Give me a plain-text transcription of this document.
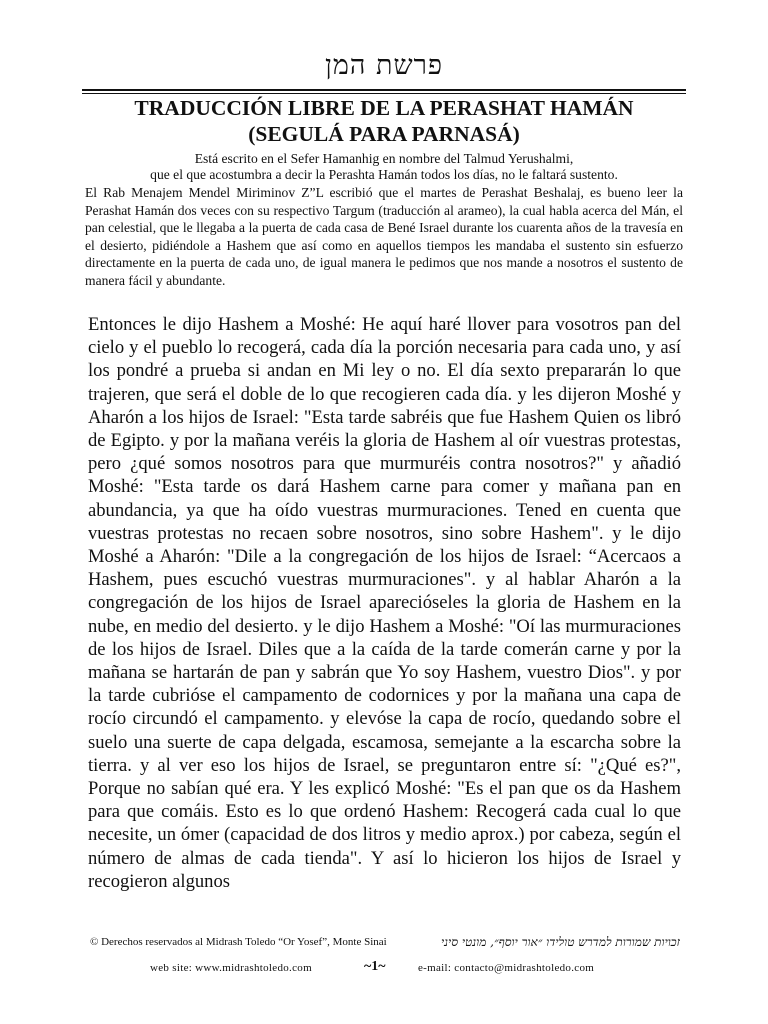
פרשת המן
TRADUCCIÓN LIBRE DE LA PERASHAT HAMÁN
(SEGULÁ PARA PARNASÁ)
Está escrito en el Sefer Hamanhig en nombre del Talmud Yerushalmi,
que el que acostumbra a decir la Perashta Hamán todos los días, no le faltará sustento.
El Rab Menajem Mendel Miriminov Z”L escribió que el martes de Perashat Beshalaj, es bueno leer la Perashat Hamán dos veces con su respectivo Targum (traducción al arameo), la cual habla acerca del Mán, el pan celestial, que le llegaba a la puerta de cada casa de Bené Israel durante los cuarenta años de la travesía en el desierto, pidiéndole a Hashem que así como en aquellos tiempos les mandaba el sustento sin esfuerzo directamente en la puerta de cada uno, de igual manera le pedimos que nos mande a nosotros el sustento de manera fácil y abundante.
Entonces le dijo Hashem a Moshé: He aquí haré llover para vosotros pan del cielo y el pueblo lo recogerá, cada día la porción necesaria para cada uno, y así los pondré a prueba si andan en Mi ley o no. El día sexto prepararán lo que trajeren, que será el doble de lo que recogieren cada día. y les dijeron Moshé y Aharón a los hijos de Israel: "Esta tarde sabréis que fue Hashem Quien os libró de Egipto. y por la mañana veréis la gloria de Hashem al oír vuestras protestas, pero ¿qué somos nosotros para que murmuréis contra nosotros?" y añadió Moshé: "Esta tarde os dará Hashem carne para comer y mañana pan en abundancia, ya que ha oído vuestras murmuraciones. Tened en cuenta que vuestras protestas no recaen sobre nosotros, sino sobre Hashem". y le dijo Moshé a Aharón: "Dile a la congregación de los hijos de Israel: “Acercaos a Hashem, pues escuchó vuestras murmuraciones". y al hablar Aharón a la congregación de los hijos de Israel aparecióseles la gloria de Hashem en la nube, en medio del desierto. y le dijo Hashem a Moshé: "Oí las murmuraciones de los hijos de Israel. Diles que a la caída de la tarde comerán carne y por la mañana se hartarán de pan y sabrán que Yo soy Hashem, vuestro Dios". y por la tarde cubrióse el campamento de codornices y por la mañana una capa de rocío circundó el campamento. y elevóse la capa de rocío, quedando sobre el suelo una suerte de capa delgada, escamosa, semejante a la escarcha sobre la tierra. y al ver eso los hijos de Israel, se preguntaron entre sí: "¿Qué es?", Porque no sabían qué era. Y les explicó Moshé: "Es el pan que os da Hashem para que comáis. Esto es lo que ordenó Hashem: Recogerá cada cual lo que necesite, un ómer (capacidad de dos litros y medio aprox.) por cabeza, según el número de almas de cada tienda". Y así lo hicieron los hijos de Israel y recogieron algunos
© Derechos reservados al Midrash Toledo “Or Yosef”, Monte Sinai	זכויות שמורות למדרש טולידו ״אור יוסף״, מונטי סיני
web site: www.midrashtoledo.com	~1~	e-mail: contacto@midrashtoledo.com
